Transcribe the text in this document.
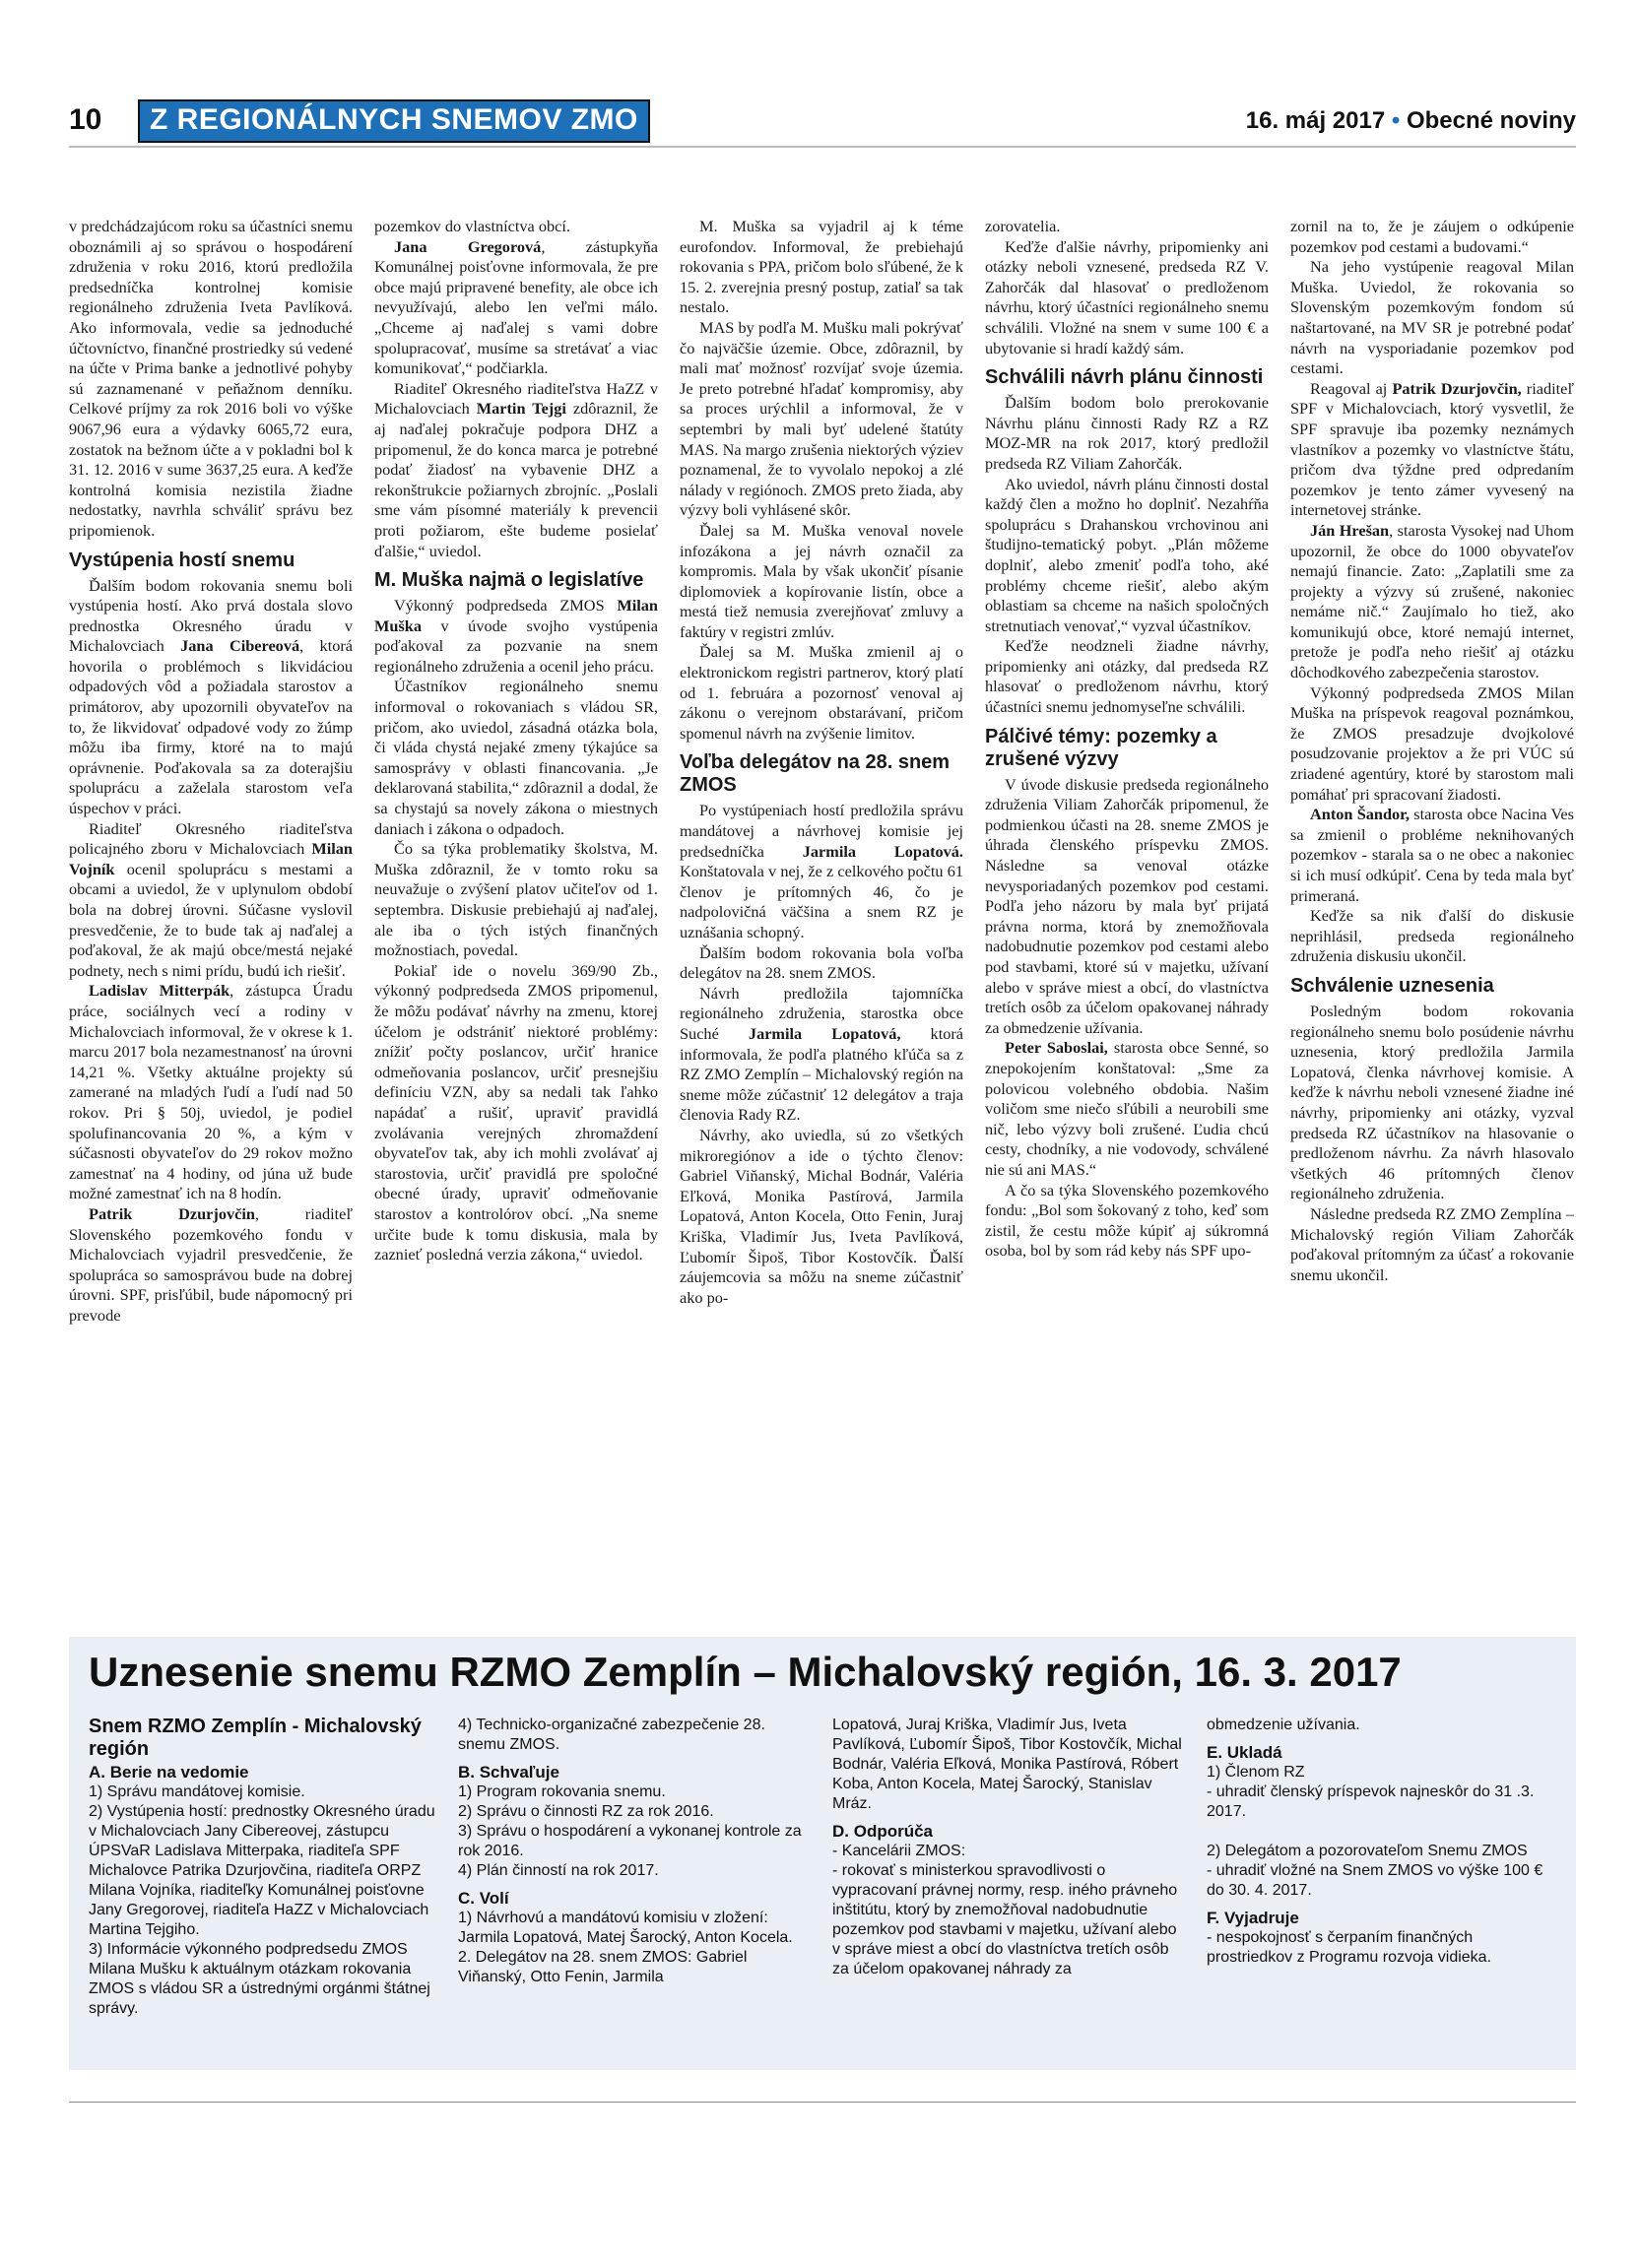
10	Z REGIONÁLNYCH SNEMOV ZMO	16. máj 2017 • Obecné noviny

v predchádzajúcom roku sa účastníci snemu oboznámili aj so správou o hospodárení združenia v roku 2016, ktorú predložila predsedníčka kontrolnej komisie regionálneho združenia Iveta Pavlíková. Ako informovala, vedie sa jednoduché účtovníctvo, finančné prostriedky sú vedené na účte v Prima banke a jednotlivé pohyby sú zaznamenané v peňažnom denníku. Celkové príjmy za rok 2016 boli vo výške 9067,96 eura a výdavky 6065,72 eura, zostatok na bežnom účte a v pokladni bol k 31. 12. 2016 v sume 3637,25 eura. A keďže kontrolná komisia nezistila žiadne nedostatky, navrhla schváliť správu bez pripomienok.

Vystúpenia hostí snemu

Ďalším bodom rokovania snemu boli vystúpenia hostí. Ako prvá dostala slovo prednostka Okresného úradu v Michalovciach Jana Cibereová, ktorá hovorila o problémoch s likvidáciou odpadových vôd a požiadala starostov a primátorov, aby upozornili obyvateľov na to, že likvidovať odpadové vody zo žúmp môžu iba firmy, ktoré na to majú oprávnenie. Poďakovala sa za doterajšiu spoluprácu a zaželala starostom veľa úspechov v práci.

Riaditeľ Okresného riaditeľstva policajného zboru v Michalovciach Milan Vojník ocenil spoluprácu s mestami a obcami a uviedol, že v uplynulom období bola na dobrej úrovni. Súčasne vyslovil presvedčenie, že to bude tak aj naďalej a poďakoval, že ak majú obce/mestá nejaké podnety, nech s nimi prídu, budú ich riešiť.

Ladislav Mitterpák, zástupca Úradu práce, sociálnych vecí a rodiny v Michalovciach informoval, že v okrese k 1. marcu 2017 bola nezamestnanosť na úrovni 14,21 %. Všetky aktuálne projekty sú zamerané na mladých ľudí a ľudí nad 50 rokov. Pri § 50j, uviedol, je podiel spolufinancovania 20 %, a kým v súčasnosti obyvateľov do 29 rokov možno zamestnať na 4 hodiny, od júna už bude možné zamestnať ich na 8 hodín.

Patrik Dzurjovčin, riaditeľ Slovenského pozemkového fondu v Michalovciach vyjadril presvedčenie, že spolupráca so samosprávou bude na dobrej úrovni. SPF, prisľúbil, bude nápomocný pri prevode

pozemkov do vlastníctva obcí.

Jana Gregorová, zástupkyňa Komunálnej poisťovne informovala, že pre obce majú pripravené benefity, ale obce ich nevyužívajú, alebo len veľmi málo. „Chceme aj naďalej s vami dobre spolupracovať, musíme sa stretávať a viac komunikovať,“ podčiarkla.

Riaditeľ Okresného riaditeľstva HaZZ v Michalovciach Martin Tejgi zdôraznil, že aj naďalej pokračuje podpora DHZ a pripomenul, že do konca marca je potrebné podať žiadosť na vybavenie DHZ a rekonštrukcie požiarnych zbrojníc. „Poslali sme vám písomné materiály k prevencii proti požiarom, ešte budeme posielať ďalšie,“ uviedol.

M. Muška najmä o legislatíve

Výkonný podpredseda ZMOS Milan Muška v úvode svojho vystúpenia poďakoval za pozvanie na snem regionálneho združenia a ocenil jeho prácu.

Účastníkov regionálneho snemu informoval o rokovaniach s vládou SR, pričom, ako uviedol, zásadná otázka bola, či vláda chystá nejaké zmeny týkajúce sa samosprávy v oblasti financovania. „Je deklarovaná stabilita,“ zdôraznil a dodal, že sa chystajú sa novely zákona o miestnych daniach i zákona o odpadoch.

Čo sa týka problematiky školstva, M. Muška zdôraznil, že v tomto roku sa neuvažuje o zvýšení platov učiteľov od 1. septembra. Diskusie prebiehajú aj naďalej, ale iba o tých istých finančných možnostiach, povedal.

Pokiaľ ide o novelu 369/90 Zb., výkonný podpredseda ZMOS pripomenul, že môžu podávať návrhy na zmenu, ktorej účelom je odstrániť niektoré problémy: znížiť počty poslancov, určiť hranice odmeňovania poslancov, určiť presnejšiu definíciu VZN, aby sa nedali tak ľahko napádať a rušiť, upraviť pravidlá zvolávania verejných zhromaždení obyvateľov tak, aby ich mohli zvolávať aj starostovia, určiť pravidlá pre spoločné obecné úrady, upraviť odmeňovanie starostov a kontrolórov obcí. „Na sneme určite bude k tomu diskusia, mala by zaznieť posledná verzia zákona,“ uviedol.

M. Muška sa vyjadril aj k téme eurofondov. Informoval, že prebiehajú rokovania s PPA, pričom bolo sľúbené, že k 15. 2. zverejnia presný postup, zatiaľ sa tak nestalo.

MAS by podľa M. Mušku mali pokrývať čo najväčšie územie. Obce, zdôraznil, by mali mať možnosť rozvíjať svoje územia. Je preto potrebné hľadať kompromisy, aby sa proces urýchlil a informoval, že v septembri by mali byť udelené štatúty MAS. Na margo zrušenia niektorých výziev poznamenal, že to vyvolalo nepokoj a zlé nálady v regiónoch. ZMOS preto žiada, aby výzvy boli vyhlásené skôr.

Ďalej sa M. Muška venoval novele infozákona a jej návrh označil za kompromis. Mala by však ukončiť písanie diplomoviek a kopírovanie listín, obce a mestá tiež nemusia zverejňovať zmluvy a faktúry v registri zmlúv.

Ďalej sa M. Muška zmienil aj o elektronickom registri partnerov, ktorý platí od 1. februára a pozornosť venoval aj zákonu o verejnom obstarávaní, pričom spomenul návrh na zvýšenie limitov.

Voľba delegátov na 28. snem ZMOS

Po vystúpeniach hostí predložila správu mandátovej a návrhovej komisie jej predsedníčka Jarmila Lopatová. Konštatovala v nej, že z celkového počtu 61 členov je prítomných 46, čo je nadpolovičná väčšina a snem RZ je uznášania schopný.

Ďalším bodom rokovania bola voľba delegátov na 28. snem ZMOS.

Návrh predložila tajomníčka regionálneho združenia, starostka obce Suché Jarmila Lopatová, ktorá informovala, že podľa platného kľúča sa z RZ ZMO Zemplín – Michalovský región na sneme môže zúčastniť 12 delegátov a traja členovia Rady RZ.

Návrhy, ako uviedla, sú zo všetkých mikroregiónov a ide o týchto členov: Gabriel Viňanský, Michal Bodnár, Valéria Eľková, Monika Pastírová, Jarmila Lopatová, Anton Kocela, Otto Fenin, Juraj Kriška, Vladimír Jus, Iveta Pavlíková, Ľubomír Šipoš, Tibor Kostovčík. Ďalší záujemcovia sa môžu na sneme zúčastniť ako po-

zorovatelia.

Keďže ďalšie návrhy, pripomienky ani otázky neboli vznesené, predseda RZ V. Zahorčák dal hlasovať o predloženom návrhu, ktorý účastníci regionálneho snemu schválili. Vložné na snem v sume 100 € a ubytovanie si hradí každý sám.

Schválili návrh plánu činnosti

Ďalším bodom bolo prerokovanie Návrhu plánu činnosti Rady RZ a RZ MOZ-MR na rok 2017, ktorý predložil predseda RZ Viliam Zahorčák.

Ako uviedol, návrh plánu činnosti dostal každý člen a možno ho doplniť. Nezahŕňa spoluprácu s Drahanskou vrchovinou ani študijno-tematický pobyt. „Plán môžeme doplniť, alebo zmeniť podľa toho, aké problémy chceme riešiť, alebo akým oblastiam sa chceme na našich spoločných stretnutiach venovať,“ vyzval účastníkov.

Keďže neodzneli žiadne návrhy, pripomienky ani otázky, dal predseda RZ hlasovať o predloženom návrhu, ktorý účastníci snemu jednomyseľne schválili.

Pálčivé témy: pozemky a zrušené výzvy

V úvode diskusie predseda regionálneho združenia Viliam Zahorčák pripomenul, že podmienkou účasti na 28. sneme ZMOS je úhrada členského príspevku ZMOS. Následne sa venoval otázke nevysporiadaných pozemkov pod cestami. Podľa jeho názoru by mala byť prijatá právna norma, ktorá by znemožňovala nadobudnutie pozemkov pod cestami alebo pod stavbami, ktoré sú v majetku, užívaní alebo v správe miest a obcí, do vlastníctva tretích osôb za účelom opakovanej náhrady za obmedzenie užívania.

Peter Saboslai, starosta obce Senné, so znepokojením konštatoval: „Sme za polovicou volebného obdobia. Našim voličom sme niečo sľúbili a neurobili sme nič, lebo výzvy boli zrušené. Ľudia chcú cesty, chodníky, a nie vodovody, schválené nie sú ani MAS.“

A čo sa týka Slovenského pozemkového fondu: „Bol som šokovaný z toho, keď som zistil, že cestu môže kúpiť aj súkromná osoba, bol by som rád keby nás SPF upo-

zornil na to, že je záujem o odkúpenie pozemkov pod cestami a budovami.“

Na jeho vystúpenie reagoval Milan Muška. Uviedol, že rokovania so Slovenským pozemkovým fondom sú naštartované, na MV SR je potrebné podať návrh na vysporiadanie pozemkov pod cestami.

Reagoval aj Patrik Dzurjovčin, riaditeľ SPF v Michalovciach, ktorý vysvetlil, že SPF spravuje iba pozemky neznámych vlastníkov a pozemky vo vlastníctve štátu, pričom dva týždne pred odpredaním pozemkov je tento zámer vyvesený na internetovej stránke.

Ján Hrešan, starosta Vysokej nad Uhom upozornil, že obce do 1000 obyvateľov nemajú financie. Zato: „Zaplatili sme za projekty a výzvy sú zrušené, nakoniec nemáme nič.“ Zaujímalo ho tiež, ako komunikujú obce, ktoré nemajú internet, pretože je podľa neho riešiť aj otázku dôchodkového zabezpečenia starostov.

Výkonný podpredseda ZMOS Milan Muška na príspevok reagoval poznámkou, že ZMOS presadzuje dvojkolové posudzovanie projektov a že pri VÚC sú zriadené agentúry, ktoré by starostom mali pomáhať pri spracovaní žiadosti.

Anton Šandor, starosta obce Nacina Ves sa zmienil o probléme neknihovaných pozemkov - starala sa o ne obec a nakoniec si ich musí odkúpiť. Cena by teda mala byť primeraná.

Keďže sa nik ďalší do diskusie neprihlásil, predseda regionálneho združenia diskusiu ukončil.

Schválenie uznesenia

Posledným bodom rokovania regionálneho snemu bolo posúdenie návrhu uznesenia, ktorý predložila Jarmila Lopatová, členka návrhovej komisie. A keďže k návrhu neboli vznesené žiadne iné návrhy, pripomienky ani otázky, vyzval predseda RZ účastníkov na hlasovanie o predloženom návrhu. Za návrh hlasovalo všetkých 46 prítomných členov regionálneho združenia.

Následne predseda RZ ZMO Zemplína – Michalovský región Viliam Zahorčák poďakoval prítomným za účasť a rokovanie snemu ukončil.

Uznesenie snemu RZMO Zemplín – Michalovský región, 16. 3. 2017
Snem RZMO Zemplín - Michalovský región
A. Berie na vedomie
1) Správu mandátovej komisie.
2) Vystúpenia hostí: prednostky Okresného úradu v Michalovciach Jany Cibereovej, zástupcu ÚPSVaR Ladislava Mitterpaka, riaditeľa SPF Michalovce Patrika Dzurjovčina, riaditeľa ORPZ Milana Vojníka, riaditeľky Komunálnej poisťovne Jany Gregorovej, riaditeľa HaZZ v Michalovciach Martina Tejgiho.
3) Informácie výkonného podpredsedu ZMOS Milana Mušku k aktuálnym otázkam rokovania ZMOS s vládou SR a ústrednými orgánmi štátnej správy.
4) Technicko-organizačné zabezpečenie 28. snemu ZMOS.
B. Schvaľuje
1) Program rokovania snemu.
2) Správu o činnosti RZ za rok 2016.
3) Správu o hospodárení a vykonanej kontrole za rok 2016.
4) Plán činností na rok 2017.
C. Volí
1) Návrhovú a mandátovú komisiu v zložení: Jarmila Lopatová, Matej Šarocký, Anton Kocela.
2. Delegátov na 28. snem ZMOS: Gabriel Viňanský, Otto Fenin, Jarmila
Lopatová, Juraj Kriška, Vladimír Jus, Iveta Pavlíková, Ľubomír Šipoš, Tibor Kostovčík, Michal Bodnár, Valéria Eľková, Monika Pastírová, Róbert Koba, Anton Kocela, Matej Šarocký, Stanislav Mráz.
D. Odporúča
- Kancelárii ZMOS:
- rokovať s ministerkou spravodlivosti o vypracovaní právnej normy, resp. iného právneho inštitútu, ktorý by znemožňoval nadobudnutie pozemkov pod stavbami v majetku, užívaní alebo v správe miest a obcí do vlastníctva tretích osôb za účelom opakovanej náhrady za
obmedzenie užívania.
E. Ukladá
1) Členom RZ
- uhradiť členský príspevok najneskôr do 31 .3. 2017.

2) Delegátom a pozorovateľom Snemu ZMOS
- uhradiť vložné na Snem ZMOS vo výške 100 € do 30. 4. 2017.
F. Vyjadruje
- nespokojnosť s čerpaním finančných prostriedkov z Programu rozvoja vidieka.
